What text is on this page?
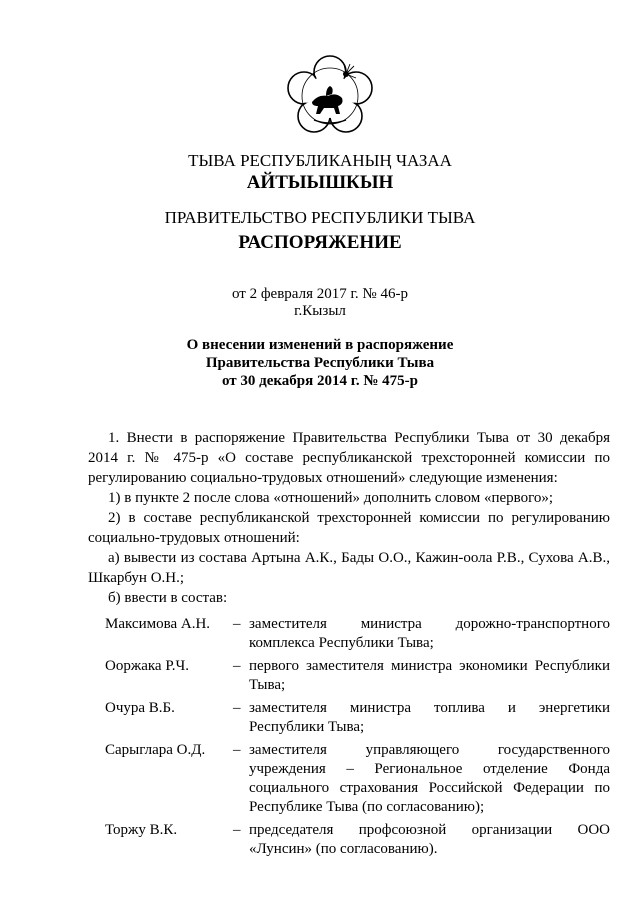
ТЫВА РЕСПУБЛИКАНЫҢ ЧАЗАА
АЙТЫЫШКЫН
ПРАВИТЕЛЬСТВО РЕСПУБЛИКИ ТЫВА
РАСПОРЯЖЕНИЕ
от 2 февраля 2017 г. № 46-р
г.Кызыл
О внесении изменений в распоряжение
Правительства Республики Тыва
от 30 декабря 2014 г. № 475-р

1. Внести в распоряжение Правительства Республики Тыва от 30 декабря 2014 г. № 475-р «О составе республиканской трехсторонней комиссии по регулированию социально-трудовых отношений» следующие изменения:

1) в пункте 2 после слова «отношений» дополнить словом «первого»;

2) в составе республиканской трехсторонней комиссии по регулированию социально-трудовых отношений:

а) вывести из состава Артына А.К., Бады О.О., Кажин-оола Р.В., Сухова А.В., Шкарбун О.Н.;

б) ввести в состав:

Максимова А.Н.	– заместителя министра дорожно-транспортного комплекса Республики Тыва;
Ооржака Р.Ч.	– первого заместителя министра экономики Республики Тыва;
Очура В.Б.	– заместителя министра топлива и энергетики Республики Тыва;
Сарыглара О.Д.	– заместителя управляющего государственного учреждения – Региональное отделение Фонда социального страхования Российской Федерации по Республике Тыва (по согласованию);
Торжу В.К.	– председателя профсоюзной организации ООО «Лунсин» (по согласованию).
